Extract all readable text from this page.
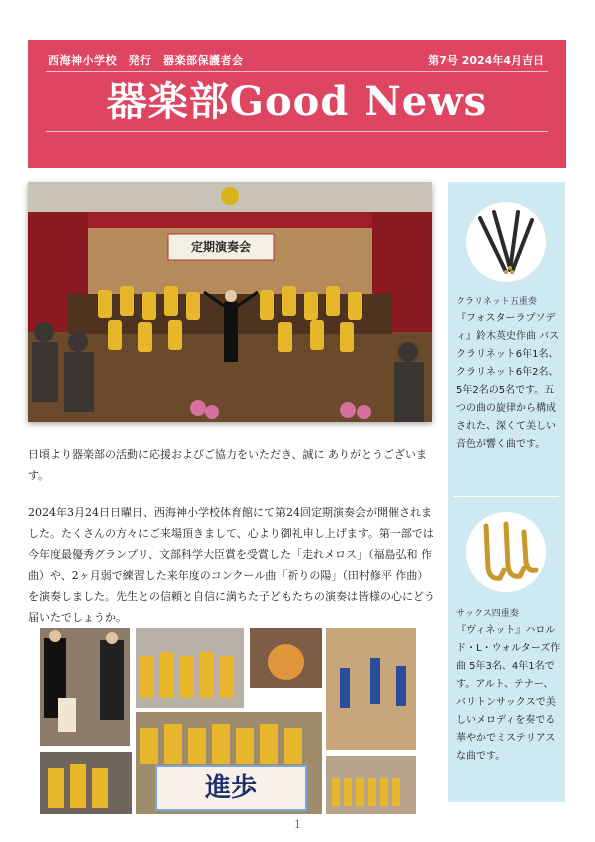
西海神小学校　発行　器楽部保護者会	第7号 2024年4月吉日
器楽部Good News
定期演奏会
日頃より器楽部の活動に応援およびご協力をいただき、誠に ありがとうございます。
2024年3月24日日曜日、西海神小学校体育館にて第24回定期演奏会が開催されました。たくさんの方々にご来場頂きまして、心より御礼申し上げます。第一部では今年度最優秀グランプリ、文部科学大臣賞を受賞した「走れメロス」（福島弘和 作曲）や、2ヶ月弱で練習した来年度のコンクール曲「祈りの陽」（田村修平 作曲）を演奏しました。先生との信頼と自信に満ちた子どもたちの演奏は皆様の心にどう届いたでしょうか。
進歩
クラリネット五重奏
『フォスターラプソディ』鈴木英史作曲 バスクラリネット6年1名、クラリネット6年2名、5年2名の5名です。五つの曲の旋律から構成された、深くて美しい音色が響く曲です。
サックス四重奏
『ヴィネット』ハロルド・L・ウォルターズ作曲 5年3名、4年1名です。アルト、テナー、バリトンサックスで美しいメロディを奏でる華やかでミステリアスな曲です。
1
